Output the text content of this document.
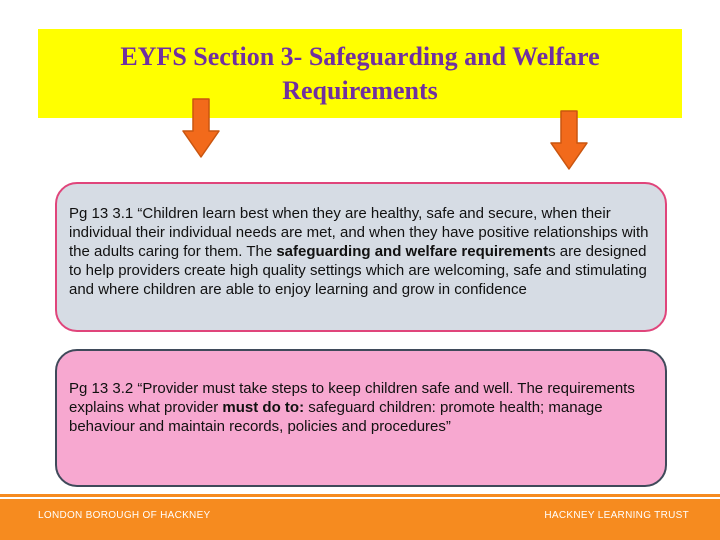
EYFS Section 3- Safeguarding and Welfare
Requirements
Pg 13 3.1 “Children learn best when they are healthy, safe and secure, when their individual their individual needs are met, and when they have positive relationships with the adults caring for them. The safeguarding and welfare requirements are designed to help providers create high quality settings which are welcoming, safe and stimulating and where children are able to enjoy learning and grow in confidence
Pg 13 3.2 “Provider must take steps to keep children safe and well. The requirements explains what provider must do to: safeguard children: promote health; manage behaviour and maintain records, policies and procedures”
LONDON BOROUGH OF HACKNEY	HACKNEY LEARNING TRUST
